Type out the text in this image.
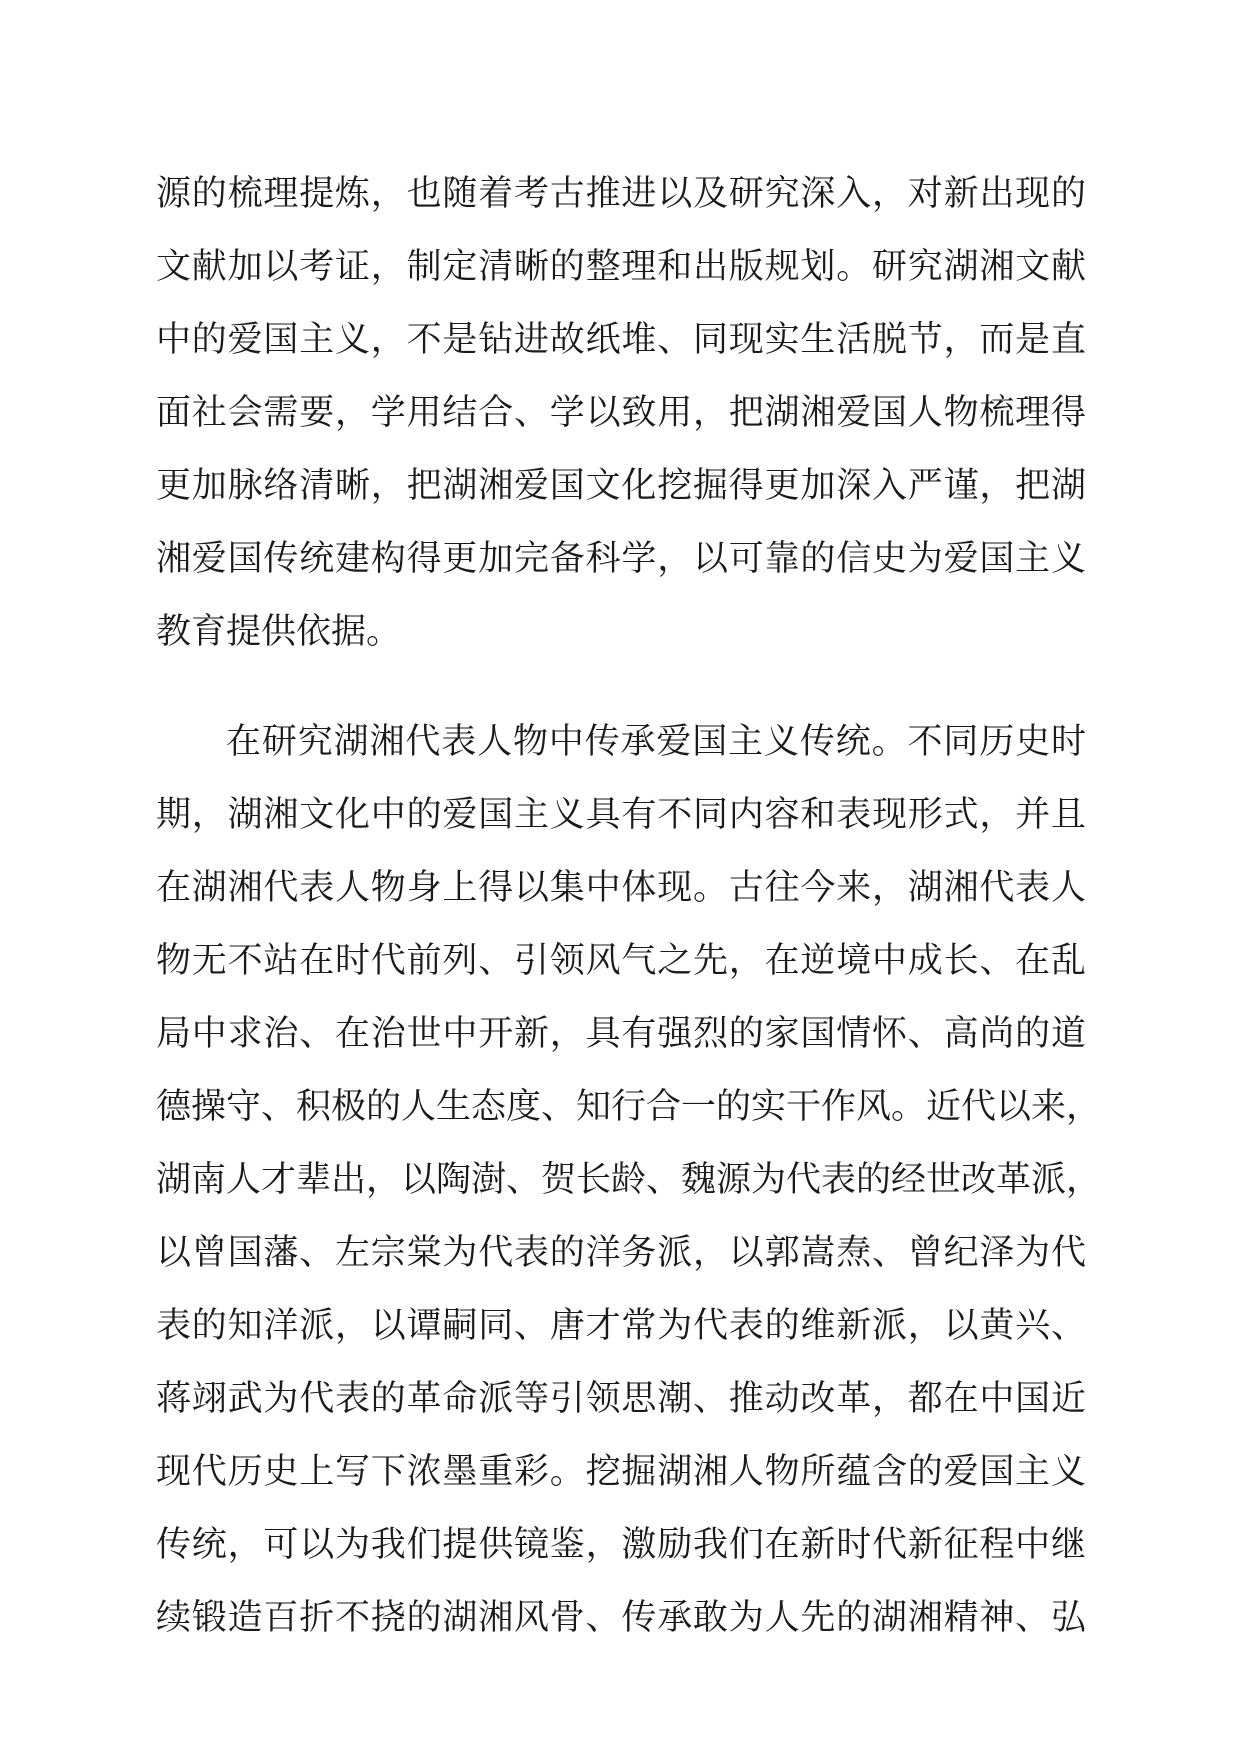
源的梳理提炼，也随着考古推进以及研究深入，对新出现的
文献加以考证，制定清晰的整理和出版规划。研究湖湘文献
中的爱国主义，不是钻进故纸堆、同现实生活脱节，而是直
面社会需要，学用结合、学以致用，把湖湘爱国人物梳理得
更加脉络清晰，把湖湘爱国文化挖掘得更加深入严谨，把湖
湘爱国传统建构得更加完备科学，以可靠的信史为爱国主义
教育提供依据。
在研究湖湘代表人物中传承爱国主义传统。不同历史时
期，湖湘文化中的爱国主义具有不同内容和表现形式，并且
在湖湘代表人物身上得以集中体现。古往今来，湖湘代表人
物无不站在时代前列、引领风气之先，在逆境中成长、在乱
局中求治、在治世中开新，具有强烈的家国情怀、高尚的道
德操守、积极的人生态度、知行合一的实干作风。近代以来，
湖南人才辈出，以陶澍、贺长龄、魏源为代表的经世改革派，
以曾国藩、左宗棠为代表的洋务派，以郭嵩焘、曾纪泽为代
表的知洋派，以谭嗣同、唐才常为代表的维新派，以黄兴、
蒋翊武为代表的革命派等引领思潮、推动改革，都在中国近
现代历史上写下浓墨重彩。挖掘湖湘人物所蕴含的爱国主义
传统，可以为我们提供镜鉴，激励我们在新时代新征程中继
续锻造百折不挠的湖湘风骨、传承敢为人先的湖湘精神、弘
